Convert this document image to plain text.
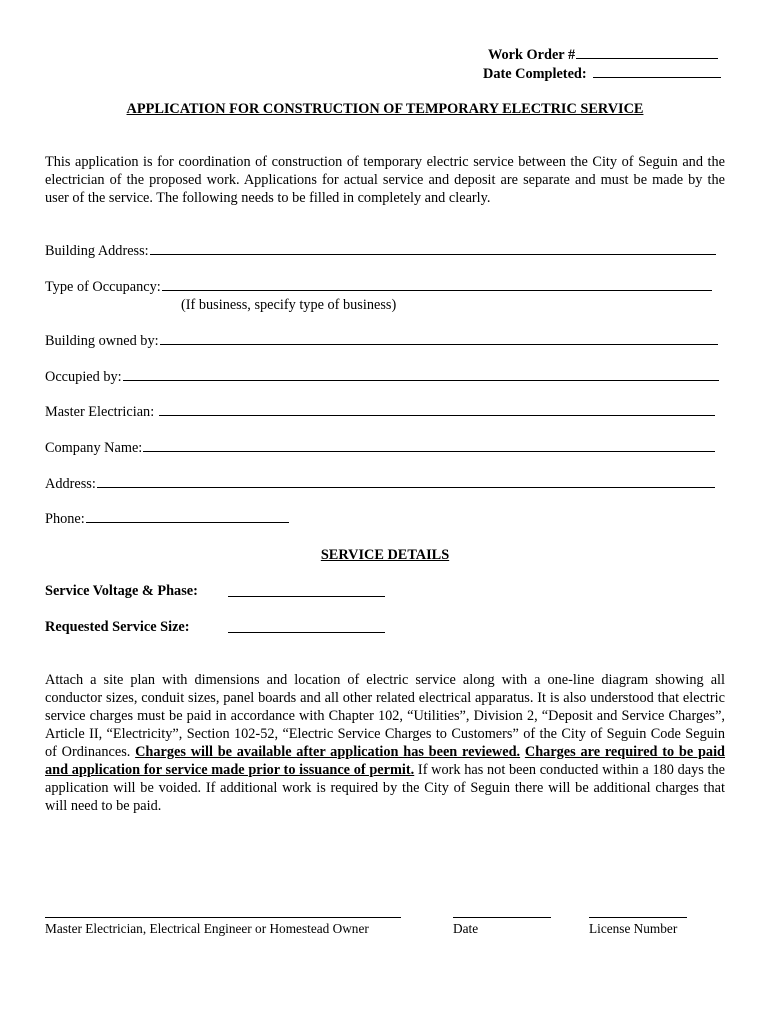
Work Order #
Date Completed:
APPLICATION FOR CONSTRUCTION OF TEMPORARY ELECTRIC SERVICE
This application is for coordination of construction of temporary electric service between the City of Seguin and the electrician of the proposed work. Applications for actual service and deposit are separate and must be made by the user of the service. The following needs to be filled in completely and clearly.
Building Address:
Type of Occupancy:
(If business, specify type of business)
Building owned by:
Occupied by:
Master Electrician:
Company Name:
Address:
Phone:
SERVICE DETAILS
Service Voltage & Phase:
Requested Service Size:
Attach a site plan with dimensions and location of electric service along with a one-line diagram showing all conductor sizes, conduit sizes, panel boards and all other related electrical apparatus. It is also understood that electric service charges must be paid in accordance with Chapter 102, “Utilities”, Division 2, “Deposit and Service Charges”, Article II, “Electricity”, Section 102-52, “Electric Service Charges to Customers” of the City of Seguin Code Seguin of Ordinances. Charges will be available after application has been reviewed. Charges are required to be paid and application for service made prior to issuance of permit. If work has not been conducted within a 180 days the application will be voided. If additional work is required by the City of Seguin there will be additional charges that will need to be paid.
Master Electrician, Electrical Engineer or Homestead Owner	Date	License Number
